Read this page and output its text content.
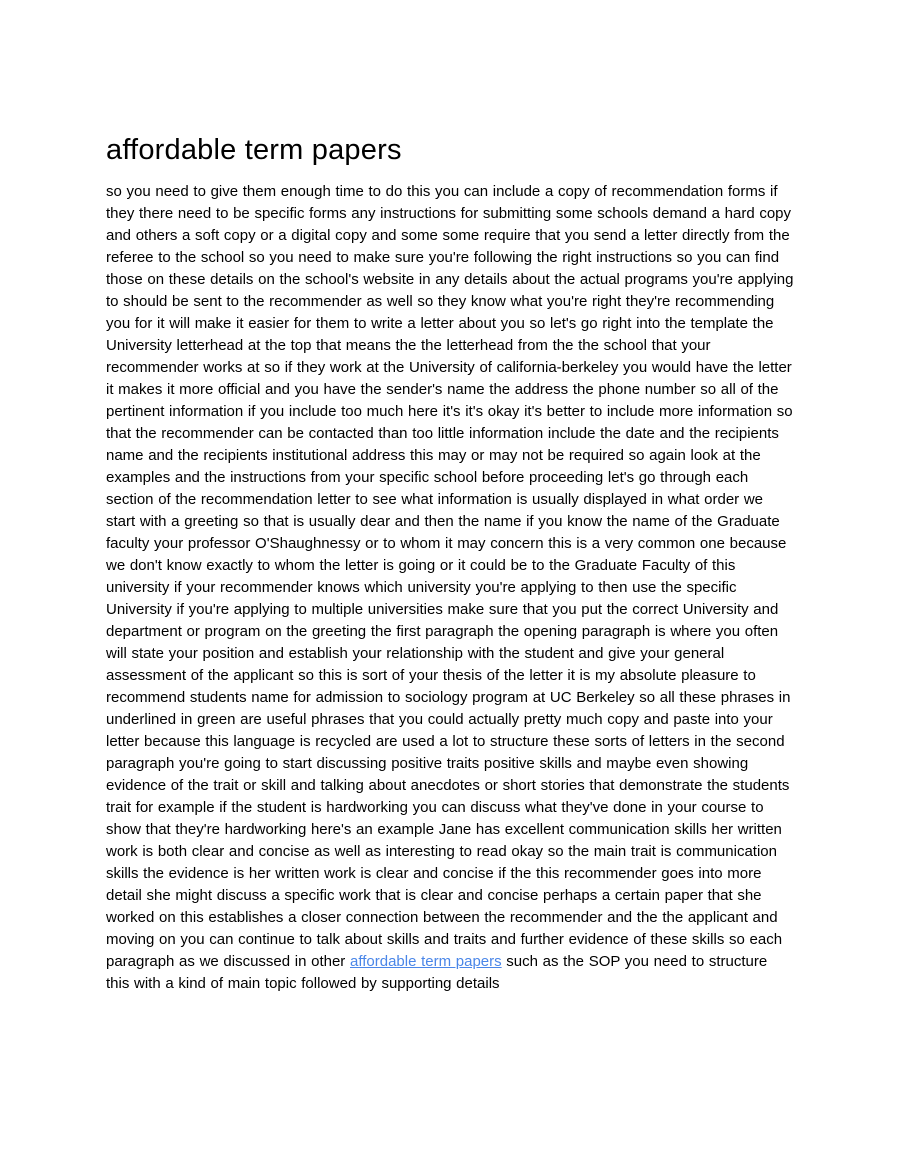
affordable term papers

so you need to give them enough time to do this you can include a copy of recommendation forms if they there need to be specific forms any instructions for submitting some schools demand a hard copy and others a soft copy or a digital copy and some some require that you send a letter directly from the referee to the school so you need to make sure you're following the right instructions so you can find those on these details on the school's website in any details about the actual programs you're applying to should be sent to the recommender as well so they know what you're right they're recommending you for it will make it easier for them to write a letter about you so let's go right into the template the University letterhead at the top that means the the letterhead from the the school that your recommender works at so if they work at the University of california-berkeley you would have the letter it makes it more official and you have the sender's name the address the phone number so all of the pertinent information if you include too much here it's it's okay it's better to include more information so that the recommender can be contacted than too little information include the date and the recipients name and the recipients institutional address this may or may not be required so again look at the examples and the instructions from your specific school before proceeding let's go through each section of the recommendation letter to see what information is usually displayed in what order we start with a greeting so that is usually dear and then the name if you know the name of the Graduate faculty your professor O'Shaughnessy or to whom it may concern this is a very common one because we don't know exactly to whom the letter is going or it could be to the Graduate Faculty of this university if your recommender knows which university you're applying to then use the specific University if you're applying to multiple universities make sure that you put the correct University and department or program on the greeting the first paragraph the opening paragraph is where you often will state your position and establish your relationship with the student and give your general assessment of the applicant so this is sort of your thesis of the letter it is my absolute pleasure to recommend students name for admission to sociology program at UC Berkeley so all these phrases in underlined in green are useful phrases that you could actually pretty much copy and paste into your letter because this language is recycled are used a lot to structure these sorts of letters in the second paragraph you're going to start discussing positive traits positive skills and maybe even showing evidence of the trait or skill and talking about anecdotes or short stories that demonstrate the students trait for example if the student is hardworking you can discuss what they've done in your course to show that they're hardworking here's an example Jane has excellent communication skills her written work is both clear and concise as well as interesting to read okay so the main trait is communication skills the evidence is her written work is clear and concise if the this recommender goes into more detail she might discuss a specific work that is clear and concise perhaps a certain paper that she worked on this establishes a closer connection between the recommender and the the applicant and moving on you can continue to talk about skills and traits and further evidence of these skills so each paragraph as we discussed in other affordable term papers such as the SOP you need to structure this with a kind of main topic followed by supporting details
